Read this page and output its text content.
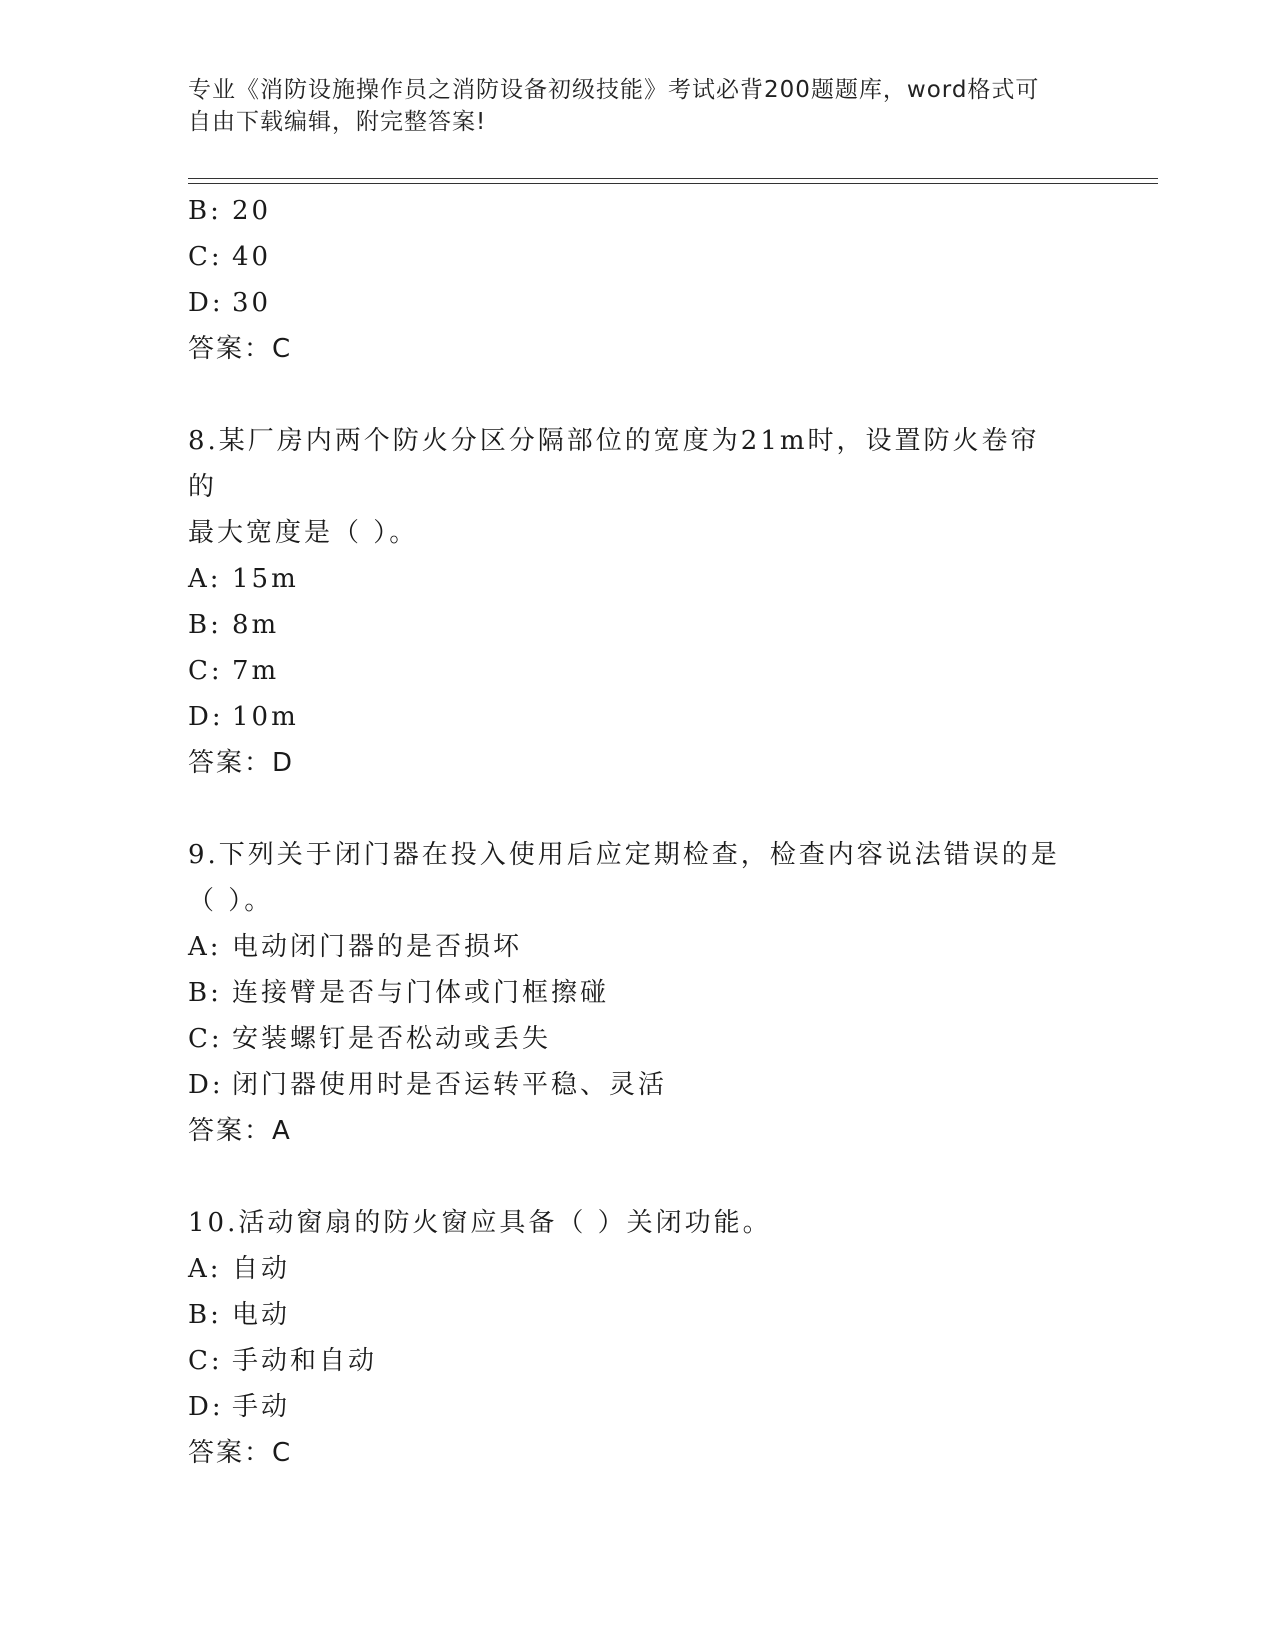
专业《消防设施操作员之消防设备初级技能》考试必背200题题库，word格式可
自由下载编辑，附完整答案!
B: 20
C: 40
D: 30
答案：C
8.某厂房内两个防火分区分隔部位的宽度为21m时，设置防火卷帘的
最大宽度是（ ）。
A: 15m
B: 8m
C: 7m
D: 10m
答案：D
9.下列关于闭门器在投入使用后应定期检查，检查内容说法错误的是
（ ）。
A: 电动闭门器的是否损坏
B: 连接臂是否与门体或门框擦碰
C: 安装螺钉是否松动或丢失
D: 闭门器使用时是否运转平稳、灵活
答案：A
10.活动窗扇的防火窗应具备（ ）关闭功能。
A: 自动
B: 电动
C: 手动和自动
D: 手动
答案：C
